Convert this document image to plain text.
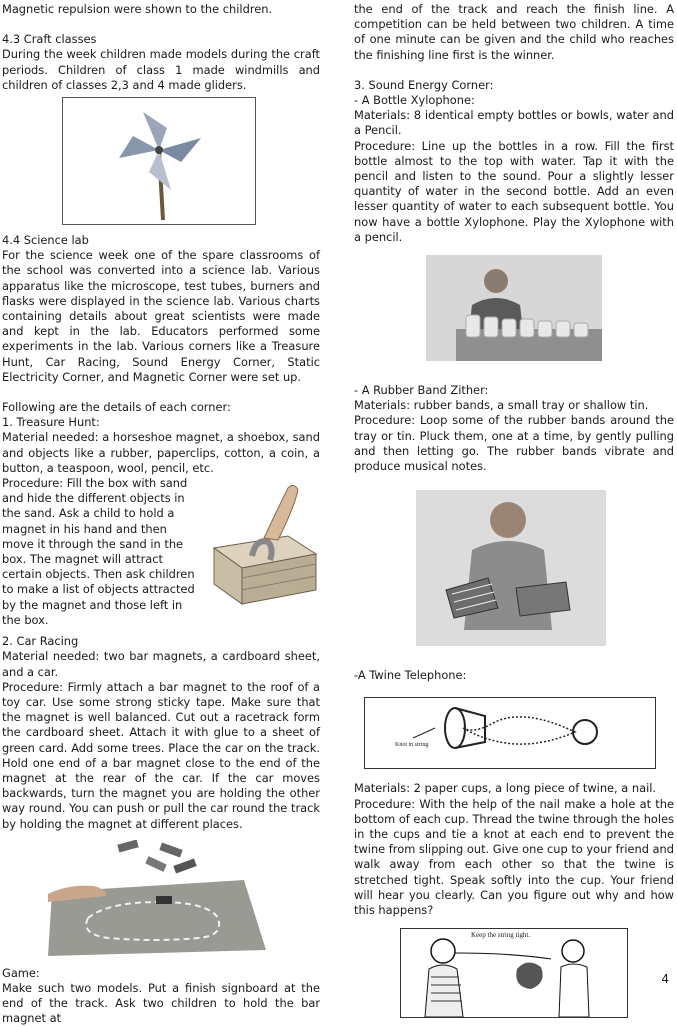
Magnetic repulsion were shown to the children.

4.3 Craft classes

During the week children made models during the craft periods. Children of class 1 made windmills and children of classes 2,3 and 4 made gliders.

4.4 Science lab

For the science week one of the spare classrooms of the school was converted into a science lab. Various apparatus like the microscope, test tubes, burners and flasks were displayed in the science lab. Various charts containing details about great scientists were made and kept in the lab. Educators performed some experiments in the lab. Various corners like a Treasure Hunt, Car Racing, Sound Energy Corner, Static Electricity Corner, and Magnetic Corner were set up.

Following are the details of each corner:

1. Treasure Hunt:

Material needed: a horseshoe magnet, a shoebox, sand and objects like a rubber, paperclips, cotton, a coin, a button, a teaspoon, wool, pencil, etc.

Procedure: Fill the box with sand and hide the different objects in the sand. Ask a child to hold a magnet in his hand and then move it through the sand in the box. The magnet will attract certain objects. Then ask children to make a list of objects attracted by the magnet and those left in the box.

2. Car Racing

Material needed: two bar magnets, a cardboard sheet, and a car.

Procedure: Firmly attach a bar magnet to the roof of a toy car. Use some strong sticky tape. Make sure that the magnet is well balanced. Cut out a racetrack form the cardboard sheet. Attach it with glue to a sheet of green card. Add some trees. Place the car on the track. Hold one end of a bar magnet close to the end of the magnet at the rear of the car. If the car moves backwards, turn the magnet you are holding the other way round. You can push or pull the car round the track by holding the magnet at different places.

Game:

Make such two models. Put a finish signboard at the end of the track. Ask two children to hold the bar magnet at

the end of the track and reach the finish line. A competition can be held between two children. A time of one minute can be given and the child who reaches the finishing line first is the winner.

3. Sound Energy Corner:

- A Bottle Xylophone:

Materials: 8 identical empty bottles or bowls, water and a Pencil.

Procedure: Line up the bottles in a row. Fill the first bottle almost to the top with water. Tap it with the pencil and listen to the sound. Pour a slightly lesser quantity of water in the second bottle. Add an even lesser quantity of water to each subsequent bottle. You now have a bottle Xylophone. Play the Xylophone with a pencil.

- A Rubber Band Zither:

Materials: rubber bands, a small tray or shallow tin.

Procedure: Loop some of the rubber bands around the tray or tin. Pluck them, one at a time, by gently pulling and then letting go. The rubber bands vibrate and produce musical notes.

-A Twine Telephone:

Knot in string

Materials: 2 paper cups, a long piece of twine, a nail.

Procedure: With the help of the nail make a hole at the bottom of each cup. Thread the twine through the holes in the cups and tie a knot at each end to prevent the twine from slipping out. Give one cup to your friend and walk away from each other so that the twine is stretched tight. Speak softly into the cup. Your friend will hear you clearly. Can you figure out why and how this happens?

Keep the string tight.
4
